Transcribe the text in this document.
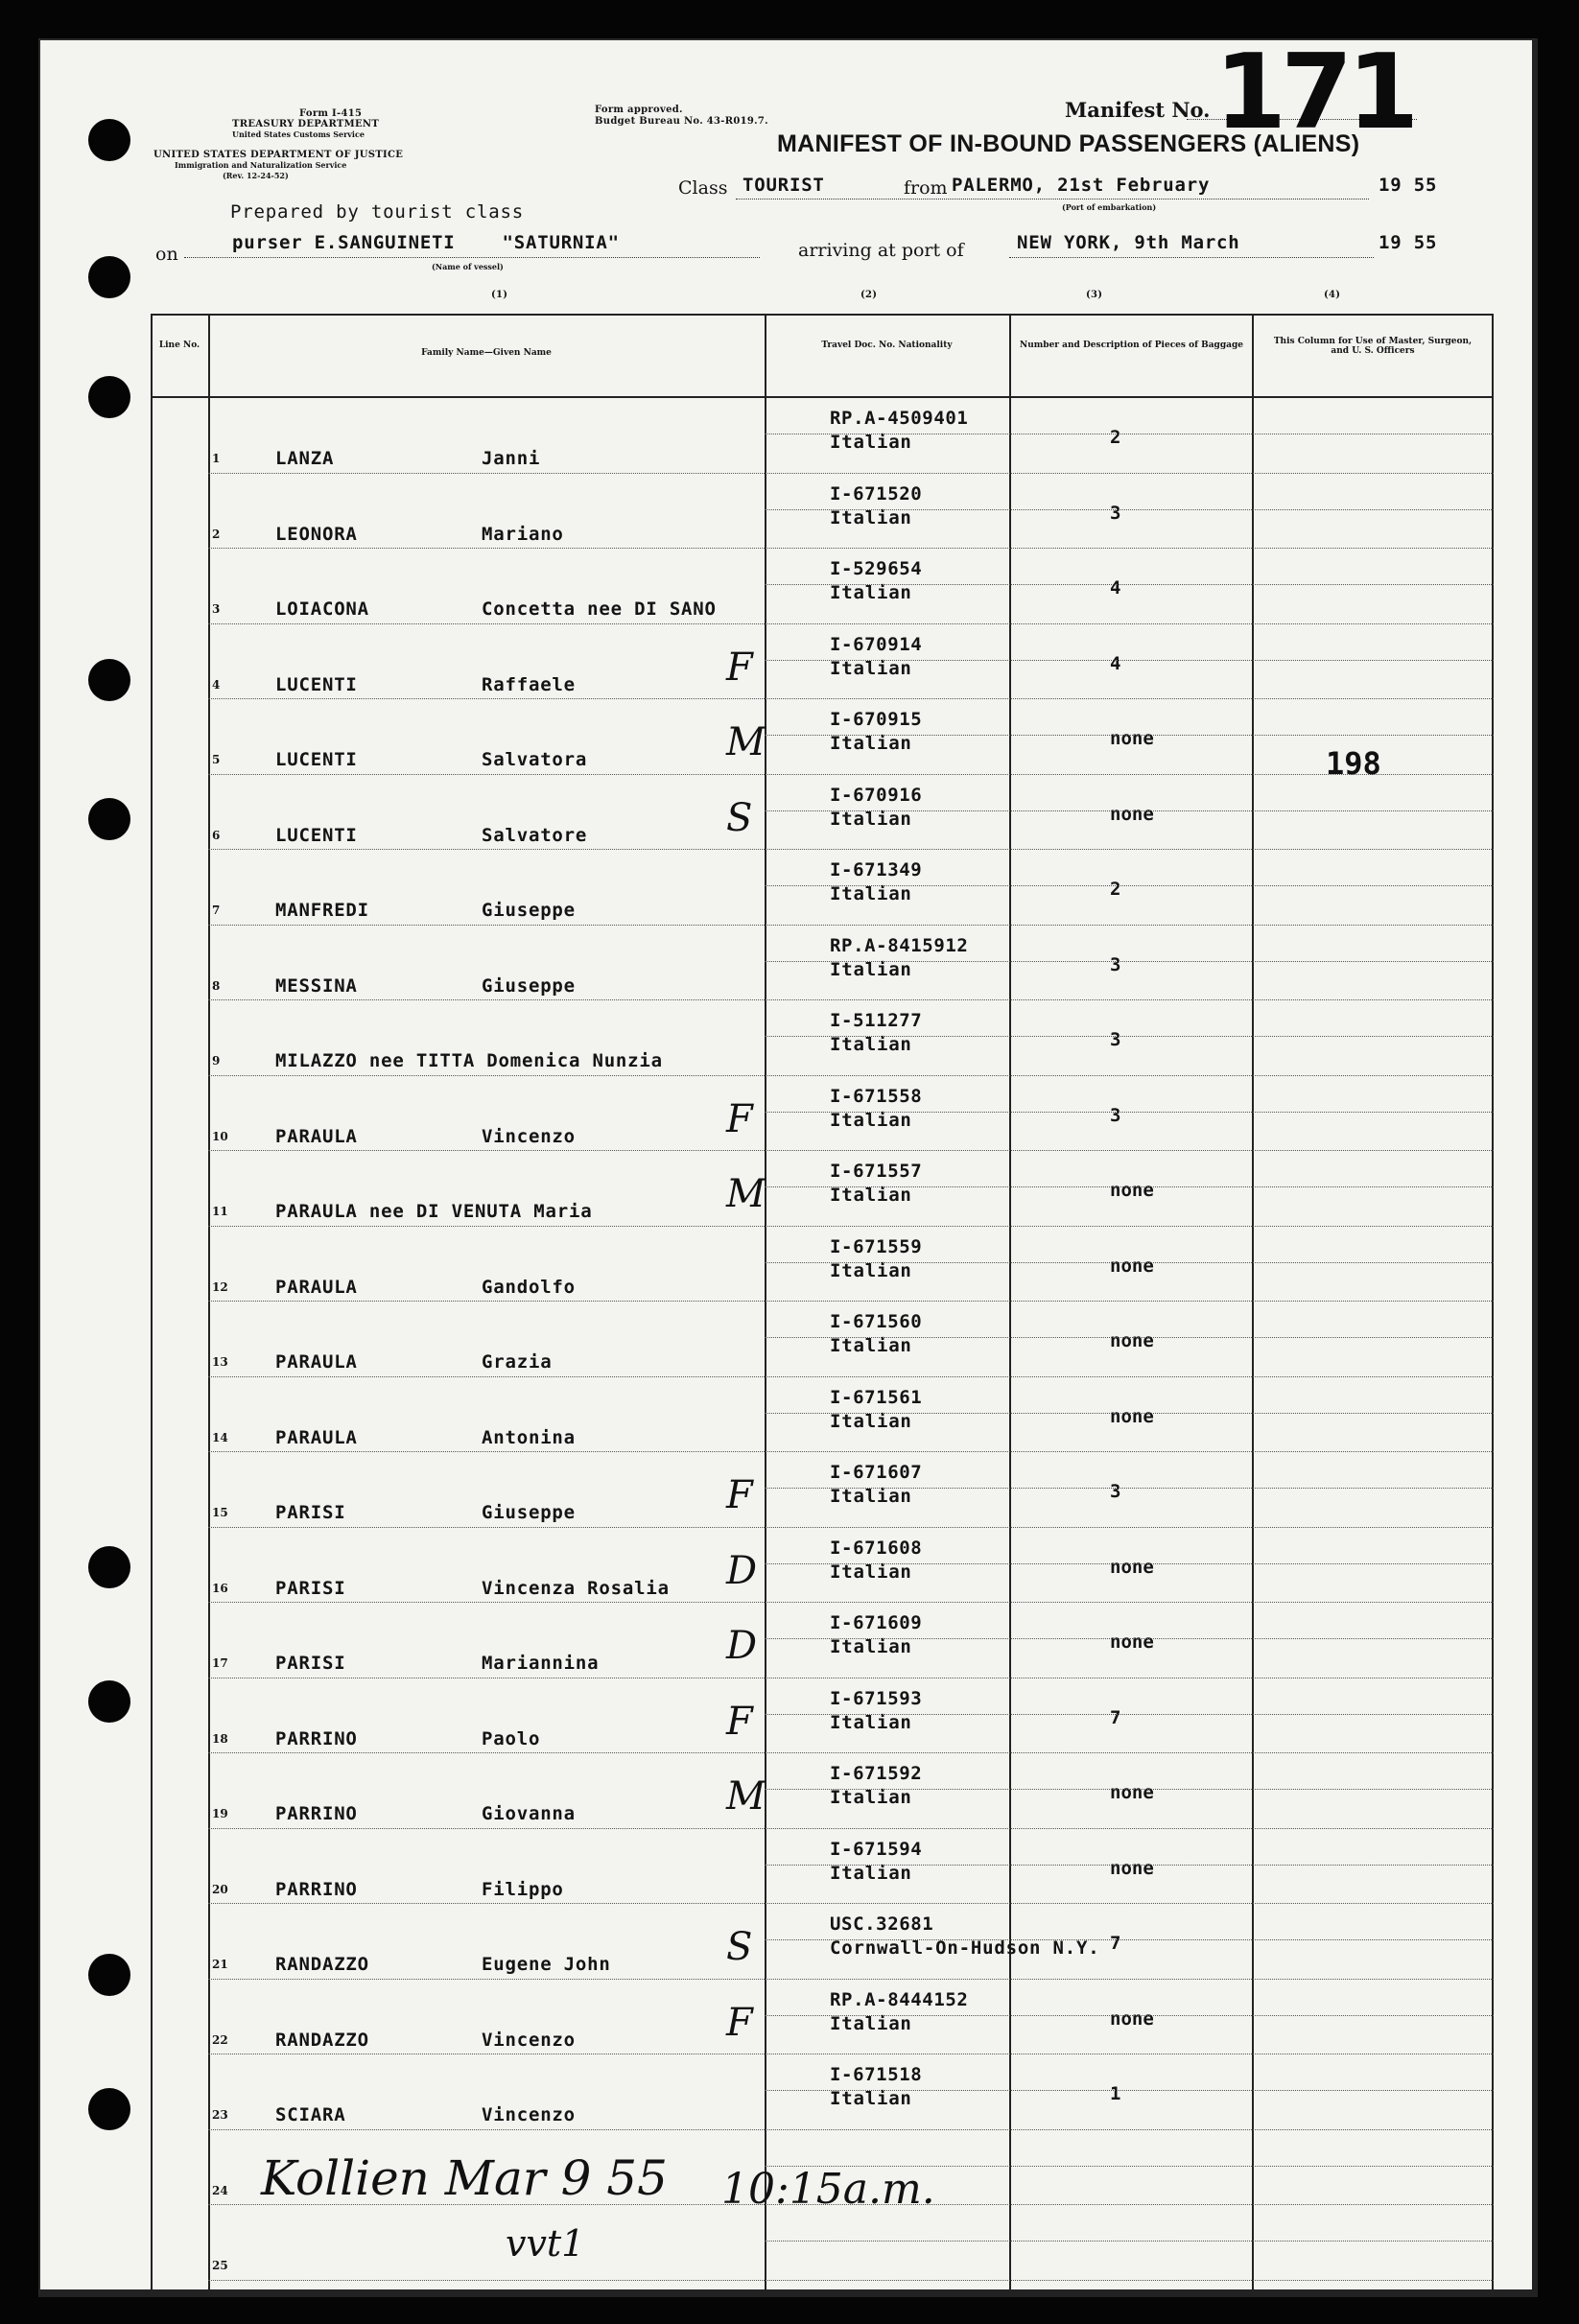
Form I-415
TREASURY DEPARTMENT
United States Customs Service
Form approved.
Budget Bureau No. 43-R019.7.
UNITED STATES DEPARTMENT OF JUSTICE
Immigration and Naturalization Service
(Rev. 12-24-52)
Manifest No. 171
MANIFEST OF IN-BOUND PASSENGERS (ALIENS)
Class TOURIST	from PALERMO, 21st February
(Port of embarkation)
19 55
Prepared by tourist class
on
purser E.SANGUINETI    "SATURNIA"
(Name of vessel)
arriving at port of	NEW YORK, 9th March	19 55
(1)	(2)	(3)	(4)
Line No.
Family Name—Given Name
Travel Doc. No. Nationality	Number and Description of Pieces of Baggage	This Column for Use of Master, Surgeon, and U. S. Officers
1	LANZA	Janni
RP.A-4509401
Italian	2
2	LEONORA	Mariano
I-671520
Italian	3
3	LOIACONA	Concetta nee DI SANO
I-529654
Italian	4
4	LUCENTI	Raffaele
I-670914
Italian	4
F
5	LUCENTI	Salvatora
I-670915
Italian	none
M
6	LUCENTI	Salvatore
I-670916
Italian	none
S
7	MANFREDI	Giuseppe
I-671349
Italian	2
8	MESSINA	Giuseppe
RP.A-8415912
Italian	3
9	MILAZZO nee TITTA Domenica Nunzia
I-511277
Italian	3
10	PARAULA	Vincenzo
I-671558
Italian	3
F
11	PARAULA nee DI VENUTA Maria
I-671557
Italian	none
M
12	PARAULA	Gandolfo
I-671559
Italian	none
13	PARAULA	Grazia
I-671560
Italian	none
14	PARAULA	Antonina
I-671561
Italian	none
15	PARISI	Giuseppe
I-671607
Italian	3
F
16	PARISI	Vincenza Rosalia
I-671608
Italian	none
D
17	PARISI	Mariannina
I-671609
Italian	none
D
18	PARRINO	Paolo
I-671593
Italian	7
F
19	PARRINO	Giovanna
I-671592
Italian	none
M
20	PARRINO	Filippo
I-671594
Italian	none
21	RANDAZZO	Eugene John
USC.32681
Cornwall-On-Hudson N.Y. 7
S
22	RANDAZZO	Vincenzo
RP.A-8444152
Italian	none
F
23	SCIARA	Vincenzo
I-671518
Italian	1
24
25
198
Kollien Mar 9 55 10:15a.m.
vvt1
